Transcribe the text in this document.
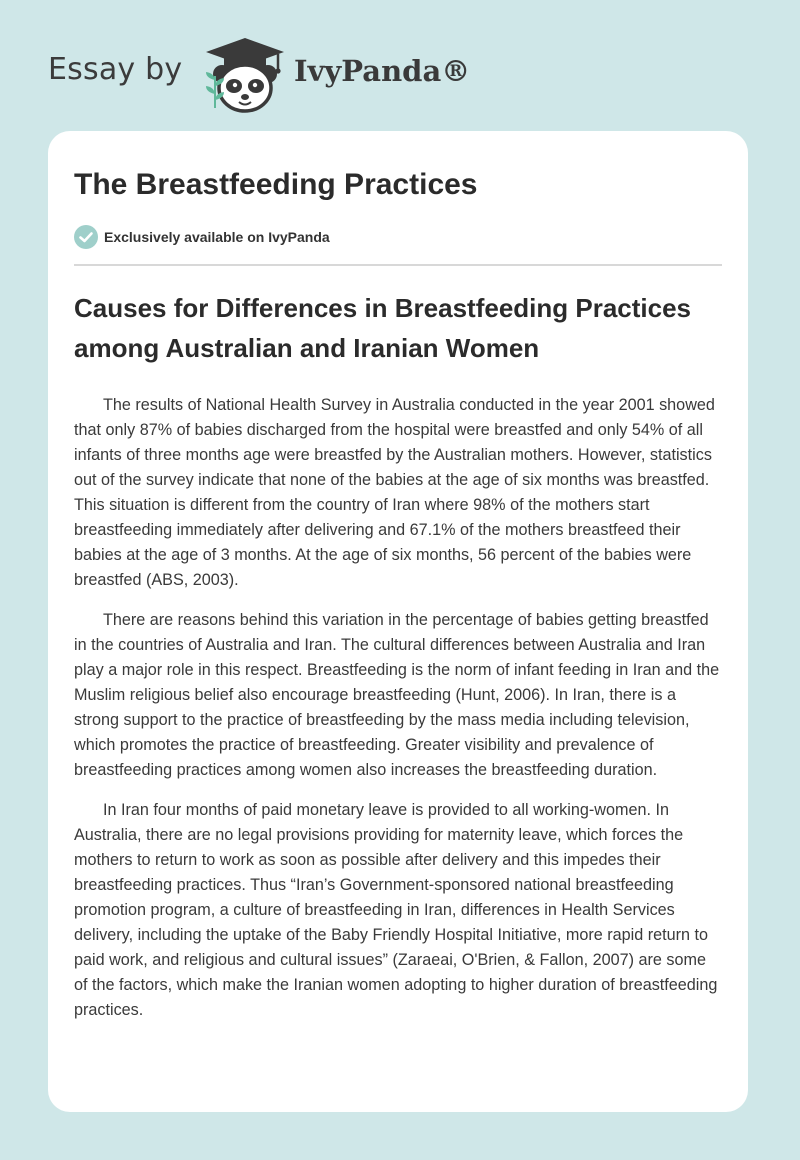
Essay by	IvyPanda®
The Breastfeeding Practices
Exclusively available on IvyPanda
Causes for Differences in Breastfeeding Practices among Australian and Iranian Women

The results of National Health Survey in Australia conducted in the year 2001 showed that only 87% of babies discharged from the hospital were breastfed and only 54% of all infants of three months age were breastfed by the Australian mothers. However, statistics out of the survey indicate that none of the babies at the age of six months was breastfed. This situation is different from the country of Iran where 98% of the mothers start breastfeeding immediately after delivering and 67.1% of the mothers breastfeed their babies at the age of 3 months. At the age of six months, 56 percent of the babies were breastfed (ABS, 2003).

There are reasons behind this variation in the percentage of babies getting breastfed in the countries of Australia and Iran. The cultural differences between Australia and Iran play a major role in this respect. Breastfeeding is the norm of infant feeding in Iran and the Muslim religious belief also encourage breastfeeding (Hunt, 2006). In Iran, there is a strong support to the practice of breastfeeding by the mass media including television, which promotes the practice of breastfeeding. Greater visibility and prevalence of breastfeeding practices among women also increases the breastfeeding duration.

In Iran four months of paid monetary leave is provided to all working-women. In Australia, there are no legal provisions providing for maternity leave, which forces the mothers to return to work as soon as possible after delivery and this impedes their breastfeeding practices. Thus “Iran’s Government-sponsored national breastfeeding promotion program, a culture of breastfeeding in Iran, differences in Health Services delivery, including the uptake of the Baby Friendly Hospital Initiative, more rapid return to paid work, and religious and cultural issues” (Zaraeai, O'Brien, & Fallon, 2007) are some of the factors, which make the Iranian women adopting to higher duration of breastfeeding practices.
